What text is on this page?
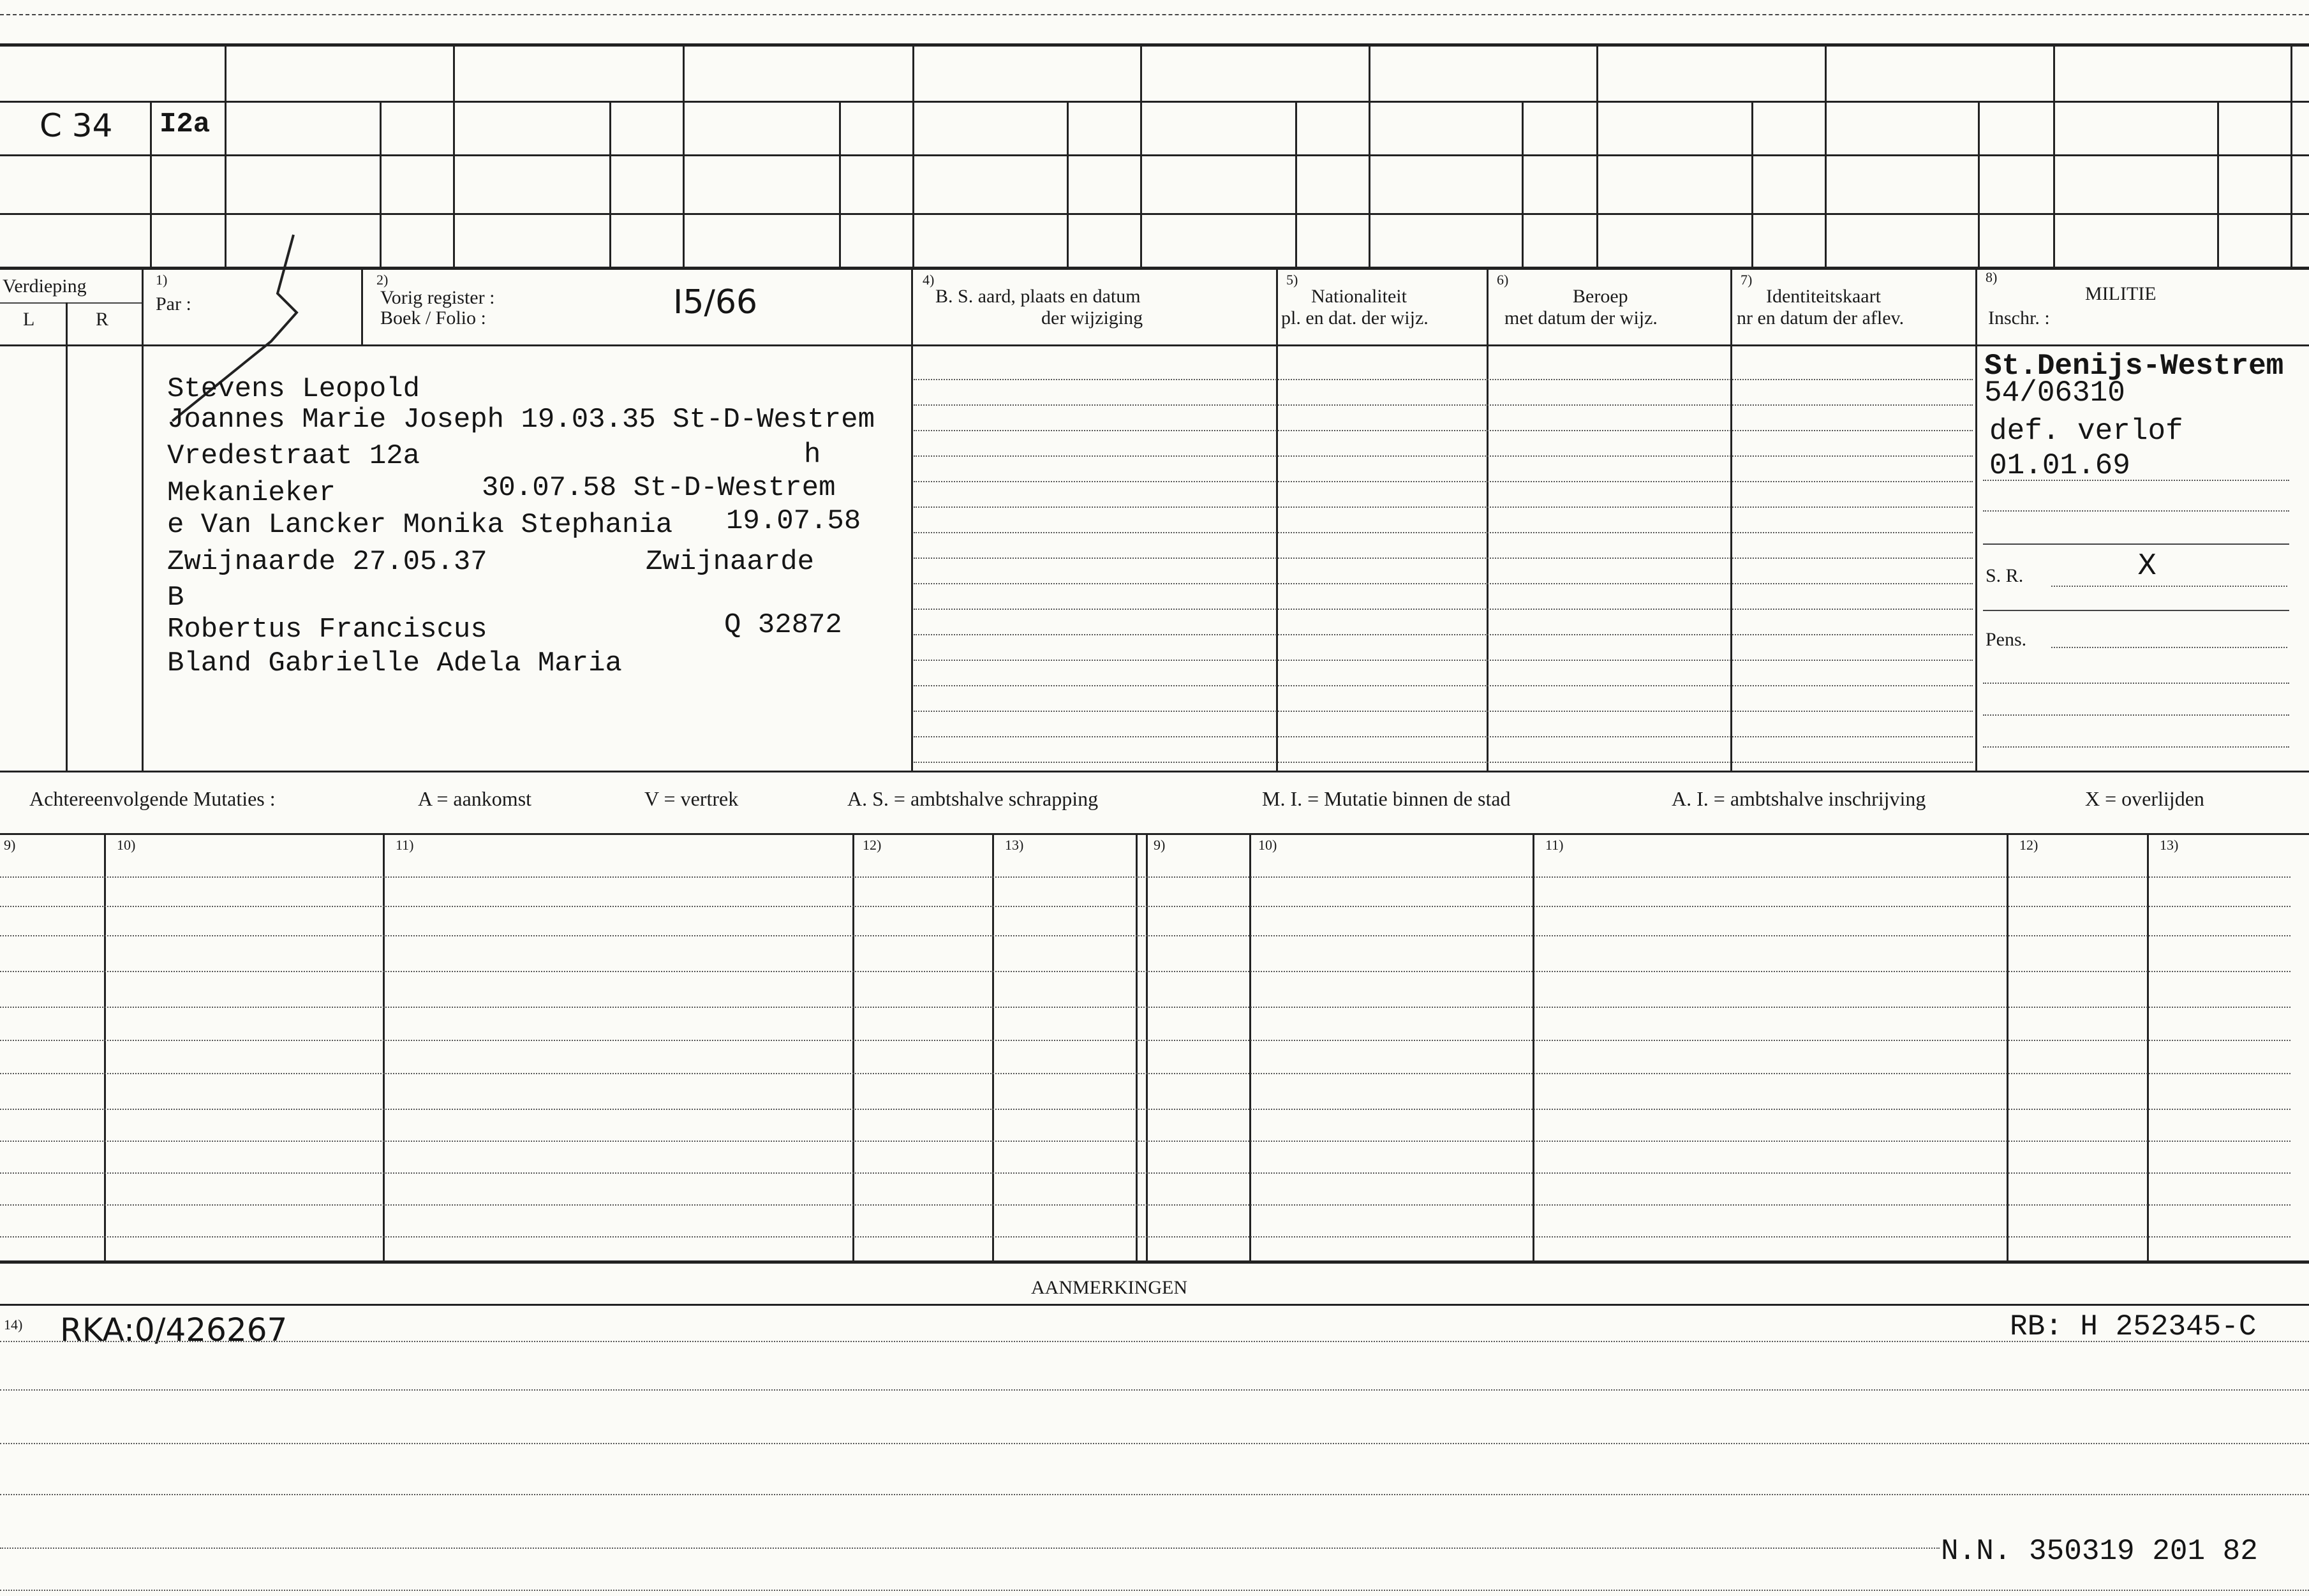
C 34 I2a
Verdieping
L	R
1)
Par :
2)
Vorig register :
Boek / Folio :	I5/66
4)
B. S. aard, plaats en datum
der wijziging
5)
Nationaliteit
pl. en dat. der wijz.
6)
Beroep
met datum der wijz.
7)
Identiteitskaart
nr en datum der aflev.
8)
MILITIE
Inschr. :
Stevens Leopold
Joannes Marie Joseph 19.03.35 St-D-Westrem
Vredestraat 12a	h
Mekanieker	30.07.58 St-D-Westrem
e Van Lancker Monika Stephania 19.07.58
Zwijnaarde 27.05.37	Zwijnaarde
B
Robertus Franciscus	Q 32872
Bland Gabrielle Adela Maria
St.Denijs-Westrem
54/06310
def. verlof
01.01.69
S. R.	X
Pens.
Achtereenvolgende Mutaties :	A = aankomst	V = vertrek	A. S. = ambtshalve schrapping	M. I. = Mutatie binnen de stad	A. I. = ambtshalve inschrijving	X = overlijden
9)	10)	11)	12)	13)	9)	10)	11)	12)	13)
AANMERKINGEN
14) RKA:0/426267	RB: H 252345-C
N.N. 350319 201 82
